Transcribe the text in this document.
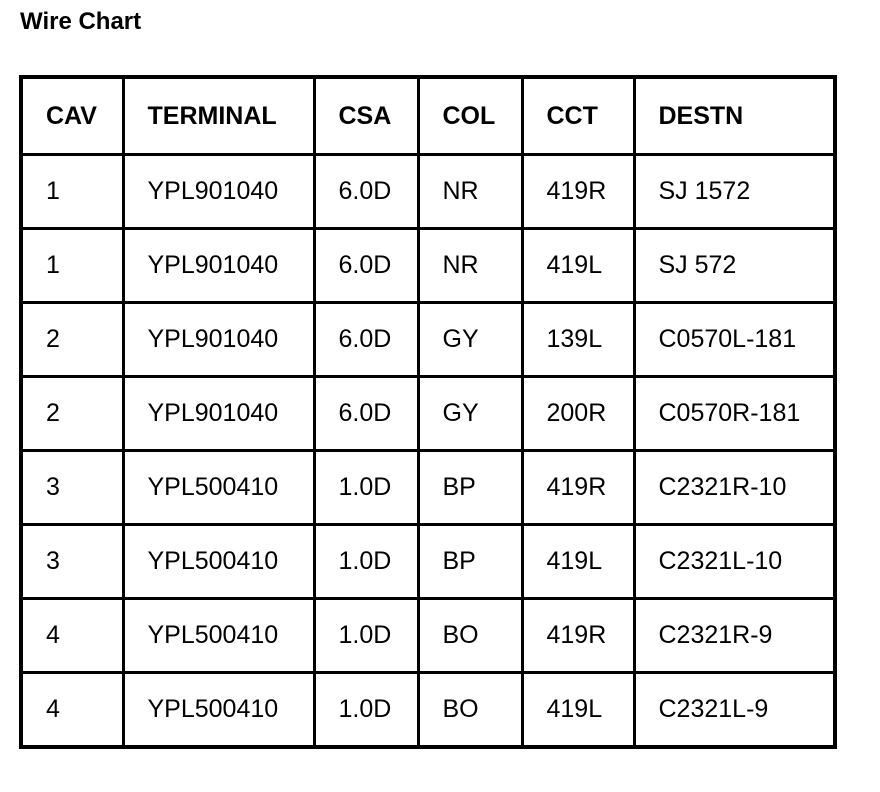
Wire Chart
CAV	TERMINAL	CSA	COL	CCT	DESTN
1	YPL901040	6.0D	NR	419R	SJ 1572
1	YPL901040	6.0D	NR	419L	SJ 572
2	YPL901040	6.0D	GY	139L	C0570L-181
2	YPL901040	6.0D	GY	200R	C0570R-181
3	YPL500410	1.0D	BP	419R	C2321R-10
3	YPL500410	1.0D	BP	419L	C2321L-10
4	YPL500410	1.0D	BO	419R	C2321R-9
4	YPL500410	1.0D	BO	419L	C2321L-9
